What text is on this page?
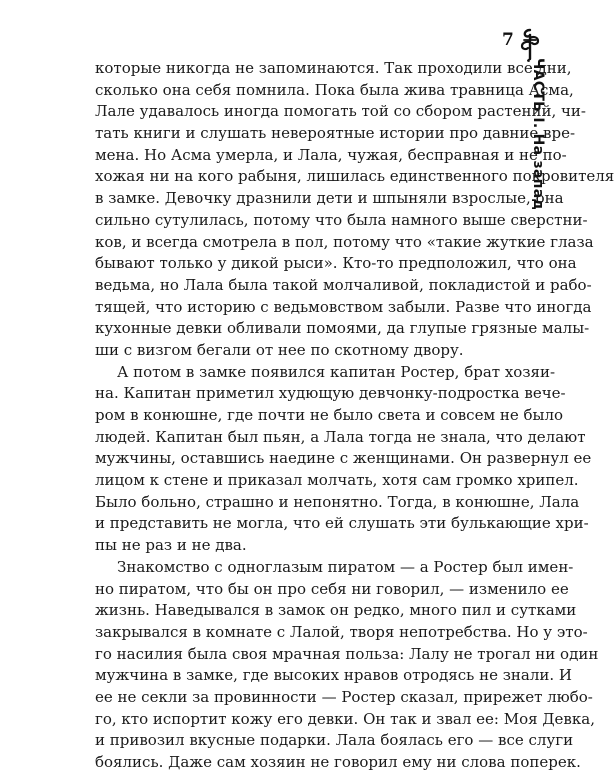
7
ЧАСТЬ I. На запад
которые никогда не запоминаются. Так проходили все дни,
сколько она себя помнила. Пока была жива травница Асма,
Лале удавалось иногда помогать той со сбором растений, чи-
тать книги и слушать невероятные истории про давние вре-
мена. Но Асма умерла, и Лала, чужая, бесправная и не по-
хожая ни на кого рабыня, лишилась единственного покровителя
в замке. Девочку дразнили дети и шпыняли взрослые, она
сильно сутулилась, потому что была намного выше сверстни-
ков, и всегда смотрела в пол, потому что «такие жуткие глаза
бывают только у дикой рыси». Кто-то предположил, что она
ведьма, но Лала была такой молчаливой, покладистой и рабо-
тящей, что историю с ведьмовством забыли. Разве что иногда
кухонные девки обливали помоями, да глупые грязные малы-
ши с визгом бегали от нее по скотному двору.
А потом в замке появился капитан Ростер, брат хозяи-
на. Капитан приметил худющую девчонку-подростка вече-
ром в конюшне, где почти не было света и совсем не было
людей. Капитан был пьян, а Лала тогда не знала, что делают
мужчины, оставшись наедине с женщинами. Он развернул ее
лицом к стене и приказал молчать, хотя сам громко хрипел.
Было больно, страшно и непонятно. Тогда, в конюшне, Лала
и представить не могла, что ей слушать эти булькающие хри-
пы не раз и не два.
Знакомство с одноглазым пиратом — а Ростер был имен-
но пиратом, что бы он про себя ни говорил, — изменило ее
жизнь. Наведывался в замок он редко, много пил и сутками
закрывался в комнате с Лалой, творя непотребства. Но у это-
го насилия была своя мрачная польза: Лалу не трогал ни один
мужчина в замке, где высоких нравов отродясь не знали. И
ее не секли за провинности — Ростер сказал, прирежет любо-
го, кто испортит кожу его девки. Он так и звал ее: Моя Девка,
и привозил вкусные подарки. Лала боялась его — все слуги
боялись. Даже сам хозяин не говорил ему ни слова поперек.
